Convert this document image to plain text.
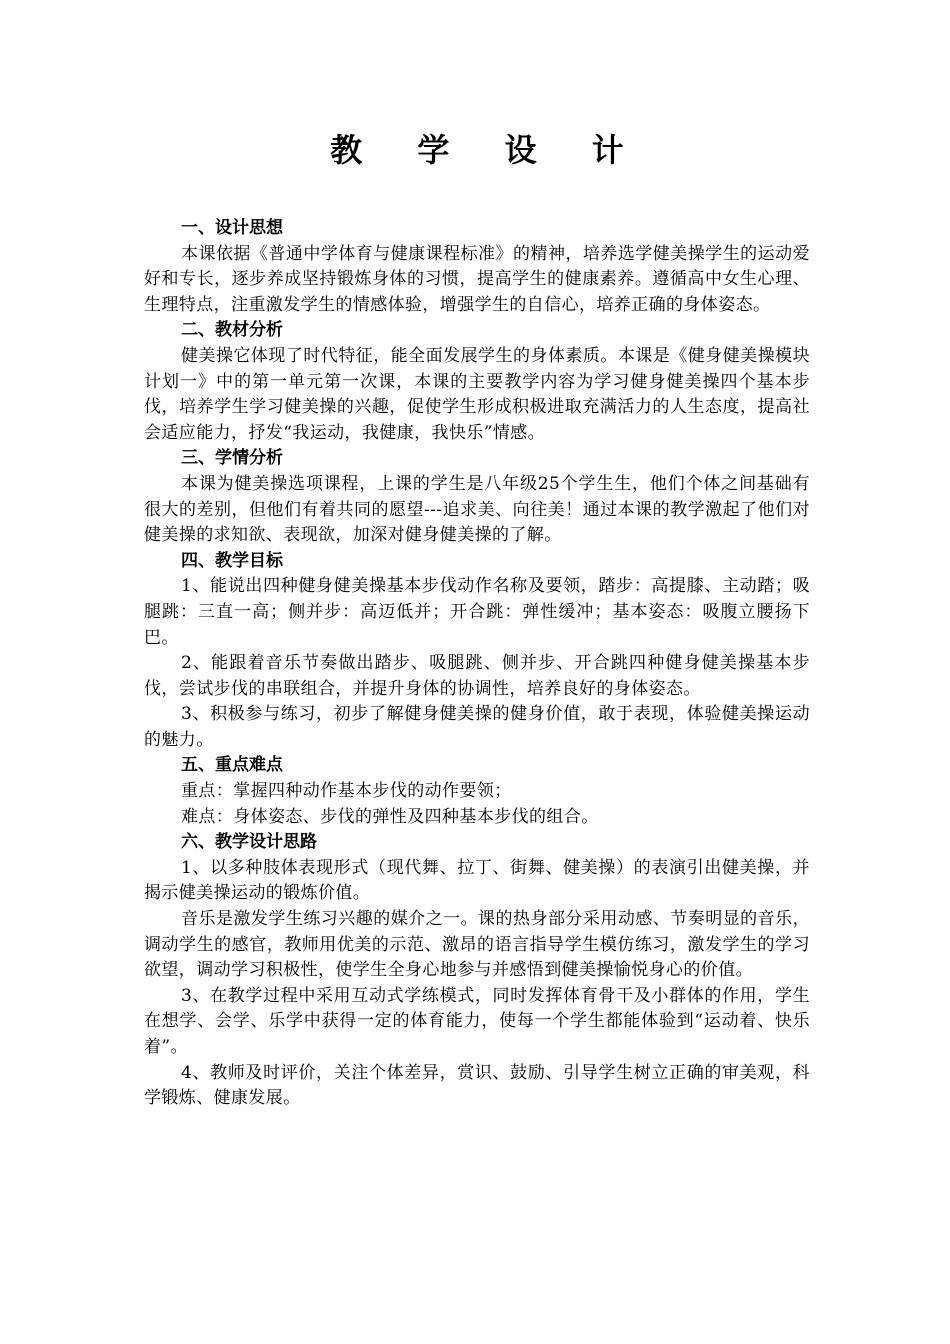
教 学 设 计

一、设计思想

本课依据《普通中学体育与健康课程标准》的精神，培养选学健美操学生的运动爱好和专长，逐步养成坚持锻炼身体的习惯，提高学生的健康素养。遵循高中女生心理、生理特点，注重激发学生的情感体验，增强学生的自信心，培养正确的身体姿态。

二、教材分析

健美操它体现了时代特征，能全面发展学生的身体素质。本课是《健身健美操模块计划一》中的第一单元第一次课，本课的主要教学内容为学习健身健美操四个基本步伐，培养学生学习健美操的兴趣，促使学生形成积极进取充满活力的人生态度，提高社会适应能力，抒发“我运动，我健康，我快乐”情感。

三、学情分析

本课为健美操选项课程，上课的学生是八年级25个学生生，他们个体之间基础有很大的差别，但他们有着共同的愿望---追求美、向往美！通过本课的教学激起了他们对健美操的求知欲、表现欲，加深对健身健美操的了解。

四、教学目标

1、能说出四种健身健美操基本步伐动作名称及要领，踏步：高提膝、主动踏；吸腿跳：三直一高；侧并步：高迈低并；开合跳：弹性缓冲；基本姿态：吸腹立腰扬下巴。

2、能跟着音乐节奏做出踏步、吸腿跳、侧并步、开合跳四种健身健美操基本步伐，尝试步伐的串联组合，并提升身体的协调性，培养良好的身体姿态。

3、积极参与练习，初步了解健身健美操的健身价值，敢于表现，体验健美操运动的魅力。

五、重点难点

重点：掌握四种动作基本步伐的动作要领；

难点：身体姿态、步伐的弹性及四种基本步伐的组合。

六、教学设计思路

1、以多种肢体表现形式（现代舞、拉丁、街舞、健美操）的表演引出健美操，并揭示健美操运动的锻炼价值。

音乐是激发学生练习兴趣的媒介之一。课的热身部分采用动感、节奏明显的音乐，调动学生的感官，教师用优美的示范、激昂的语言指导学生模仿练习，激发学生的学习欲望，调动学习积极性，使学生全身心地参与并感悟到健美操愉悦身心的价值。

3、在教学过程中采用互动式学练模式，同时发挥体育骨干及小群体的作用，学生在想学、会学、乐学中获得一定的体育能力，使每一个学生都能体验到“运动着、快乐着”。

4、教师及时评价，关注个体差异，赏识、鼓励、引导学生树立正确的审美观，科学锻炼、健康发展。
